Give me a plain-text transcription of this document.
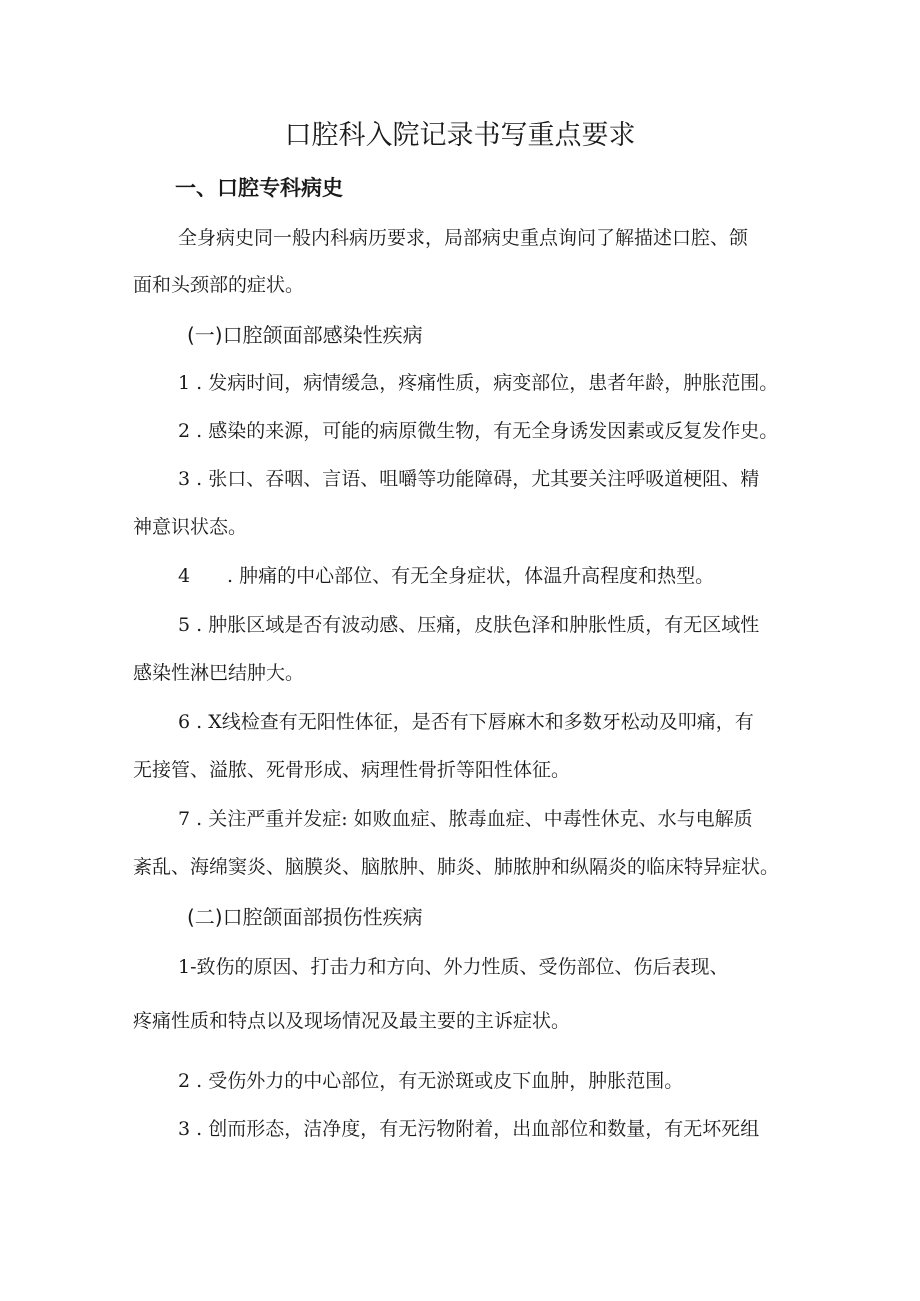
口腔科入院记录书写重点要求
一、口腔专科病史
全身病史同一般内科病历要求，局部病史重点询问了解描述口腔、颌
面和头颈部的症状。
(一)口腔颌面部感染性疾病
1 . 发病时间，病情缓急，疼痛性质，病变部位，患者年龄，肿胀范围。
2 . 感染的来源，可能的病原微生物，有无全身诱发因素或反复发作史。
3 . 张口、吞咽、言语、咀嚼等功能障碍，尤其要关注呼吸道梗阻、精
神意识状态。
4 . 肿痛的中心部位、有无全身症状，体温升高程度和热型。
5 . 肿胀区域是否有波动感、压痛，皮肤色泽和肿胀性质，有无区域性
感染性淋巴结肿大。
6 . X线检查有无阳性体征，是否有下唇麻木和多数牙松动及叩痛，有
无接管、溢脓、死骨形成、病理性骨折等阳性体征。
7 . 关注严重并发症: 如败血症、脓毒血症、中毒性休克、水与电解质
紊乱、海绵窦炎、脑膜炎、脑脓肿、肺炎、肺脓肿和纵隔炎的临床特异症状。
(二)口腔颌面部损伤性疾病
1-致伤的原因、打击力和方向、外力性质、受伤部位、伤后表现、
疼痛性质和特点以及现场情况及最主要的主诉症状。
2 . 受伤外力的中心部位，有无淤斑或皮下血肿，肿胀范围。
3 . 创而形态，洁净度，有无污物附着，出血部位和数量，有无坏死组
